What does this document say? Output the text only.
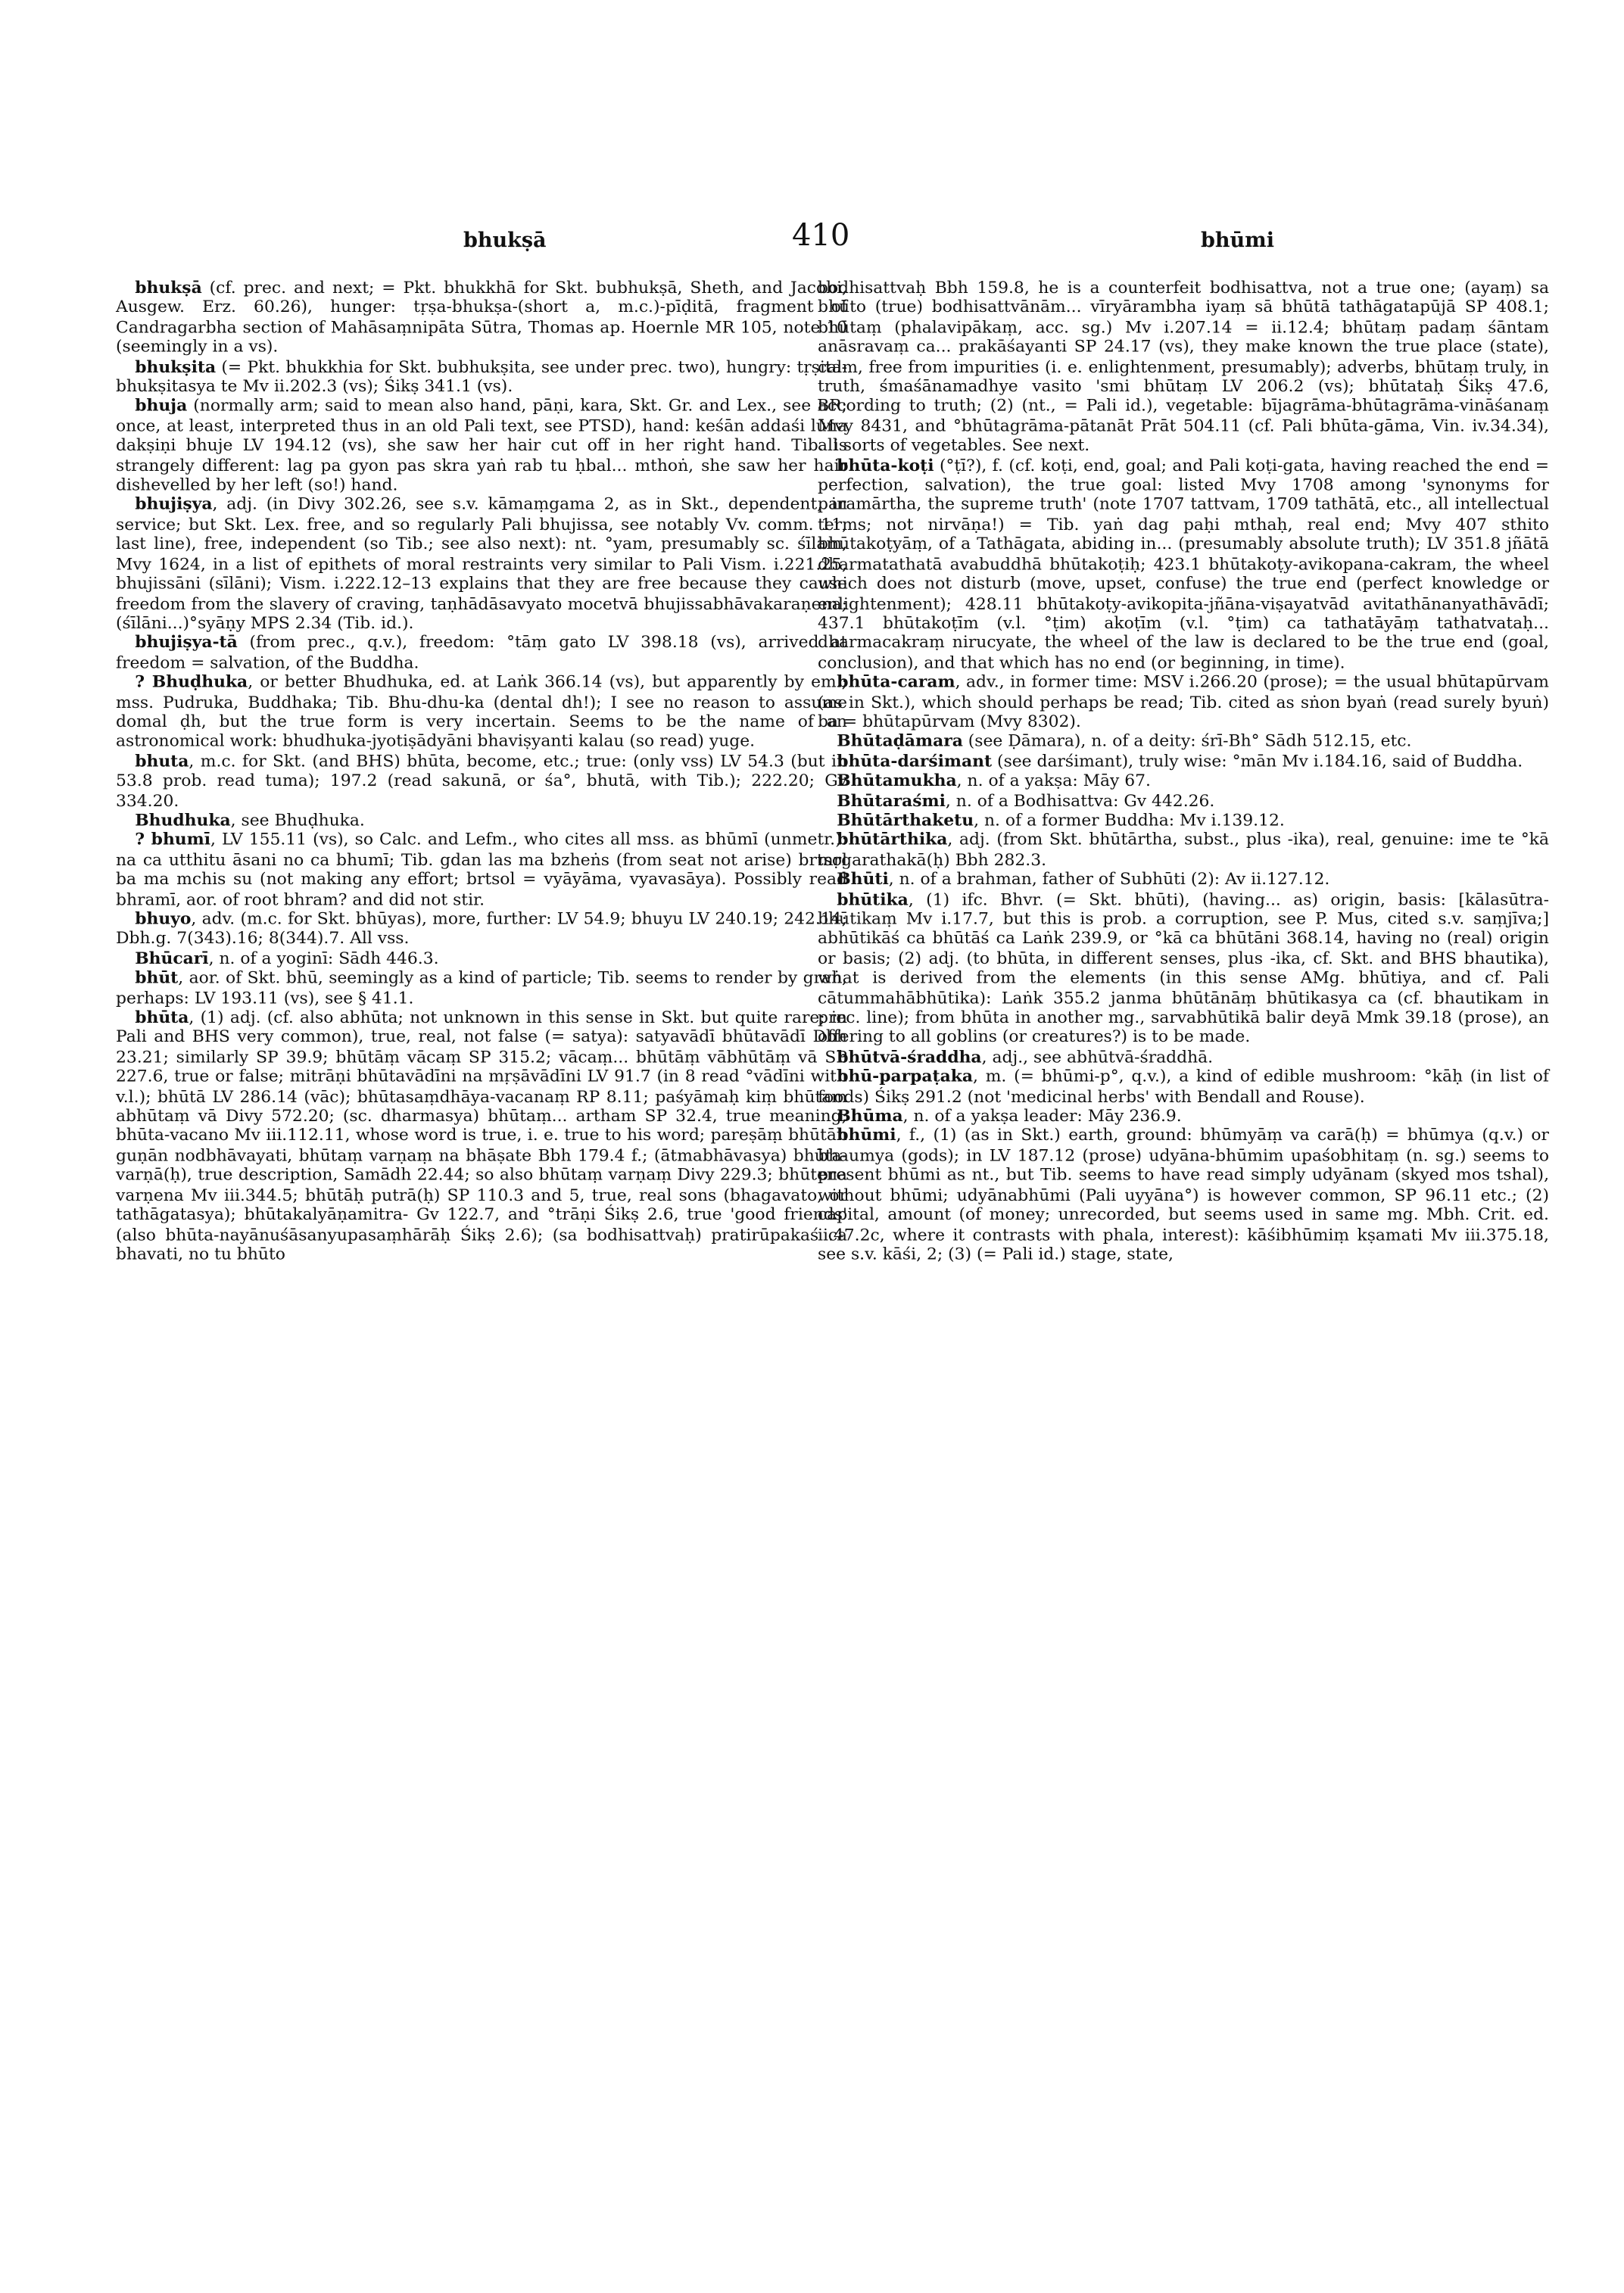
bhukṣā	410	bhūmi

bhukṣā (cf. prec. and next; = Pkt. bhukkhā for Skt. bubhukṣā, Sheth, and Jacobi, Ausgew. Erz. 60.26), hunger: tṛṣa-bhukṣa-(short a, m.c.)-pīḍitā, fragment of Candragarbha section of Mahāsaṃnipāta Sūtra, Thomas ap. Hoernle MR 105, note 10 (seemingly in a vs).

bhukṣita (= Pkt. bhukkhia for Skt. bubhukṣita, see under prec. two), hungry: tṛṣita-bhukṣitasya te Mv ii.202.3 (vs); Śikṣ 341.1 (vs).

bhuja (normally arm; said to mean also hand, pāṇi, kara, Skt. Gr. and Lex., see BR; once, at least, interpreted thus in an old Pali text, see PTSD), hand: keśān addaśi lūna dakṣiṇi bhuje LV 194.12 (vs), she saw her hair cut off in her right hand. Tib. is strangely different: lag pa gyon pas skra yaṅ rab tu ḥbal... mthoṅ, she saw her hair dishevelled by her left (so!) hand.

bhujiṣya, adj. (in Divy 302.26, see s.v. kāmaṃgama 2, as in Skt., dependent, in service; but Skt. Lex. free, and so regularly Pali bhujissa, see notably Vv. comm. 11, last line), free, independent (so Tib.; see also next): nt. °yam, presumably sc. śīlam, Mvy 1624, in a list of epithets of moral restraints very similar to Pali Vism. i.221.25, bhujissāni (sīlāni); Vism. i.222.12–13 explains that they are free because they cause freedom from the slavery of craving, taṇhādāsavyato mocetvā bhujissabhāvakaraṇena; (śīlāni...)°syāṇy MPS 2.34 (Tib. id.).

bhujiṣya-tā (from prec., q.v.), freedom: °tāṃ gato LV 398.18 (vs), arrived at freedom = salvation, of the Buddha.

? Bhuḍhuka, or better Bhudhuka, ed. at Laṅk 366.14 (vs), but apparently by em.; mss. Pudruka, Buddhaka; Tib. Bhu-dhu-ka (dental dh!); I see no reason to assume domal ḍh, but the true form is very incertain. Seems to be the name of an astronomical work: bhudhuka-jyotiṣādyāni bhaviṣyanti kalau (so read) yuge.

bhuta, m.c. for Skt. (and BHS) bhūta, become, etc.; true: (only vss) LV 54.3 (but in 53.8 prob. read tuma); 197.2 (read sakunā, or śa°, bhutā, with Tib.); 222.20; Gv 334.20.

Bhudhuka, see Bhuḍhuka.

? bhumī, LV 155.11 (vs), so Calc. and Lefm., who cites all mss. as bhūmī (unmetr.): na ca utthitu āsani no ca bhumī; Tib. gdan las ma bzheṅs (from seat not arise) brtsol ba ma mchis su (not making any effort; brtsol = vyāyāma, vyavasāya). Possibly read bhramī, aor. of root bhram? and did not stir.

bhuyo, adv. (m.c. for Skt. bhūyas), more, further: LV 54.9; bhuyu LV 240.19; 242.14; Dbh.g. 7(343).16; 8(344).7. All vss.

Bhūcarī, n. of a yoginī: Sādh 446.3.

bhūt, aor. of Skt. bhū, seemingly as a kind of particle; Tib. seems to render by graṅ, perhaps: LV 193.11 (vs), see § 41.1.

bhūta, (1) adj. (cf. also abhūta; not unknown in this sense in Skt. but quite rare; in Pali and BHS very common), true, real, not false (= satya): satyavādī bhūtavādī Dbh 23.21; similarly SP 39.9; bhūtāṃ vācaṃ SP 315.2; vācaṃ... bhūtāṃ vābhūtāṃ vā SP 227.6, true or false; mitrāṇi bhūtavādīni na mṛṣāvādīni LV 91.7 (in 8 read °vādīni with v.l.); bhūtā LV 286.14 (vāc); bhūtasaṃdhāya-vacanaṃ RP 8.11; paśyāmaḥ kiṃ bhūtam abhūtaṃ vā Divy 572.20; (sc. dharmasya) bhūtaṃ... artham SP 32.4, true meaning; bhūta-vacano Mv iii.112.11, whose word is true, i. e. true to his word; pareṣāṃ bhūtān guṇān nodbhāvayati, bhūtaṃ varṇaṃ na bhāṣate Bbh 179.4 f.; (ātmabhāvasya) bhūta-varṇā(ḥ), true description, Samādh 22.44; so also bhūtaṃ varṇaṃ Divy 229.3; bhūtena varṇena Mv iii.344.5; bhūtāḥ putrā(ḥ) SP 110.3 and 5, true, real sons (bhagavato, or tathāgatasya); bhūtakalyāṇamitra- Gv 122.7, and °trāṇi Śikṣ 2.6, true 'good friends' (also bhūta-nayānuśāsanyupasaṃhārāḥ Śikṣ 2.6); (sa bodhisattvaḥ) pratirūpakaś ca bhavati, no tu bhūto

bodhisattvaḥ Bbh 159.8, he is a counterfeit bodhisattva, not a true one; (ayaṃ) sa bhūto (true) bodhisattvānām... vīryārambha iyaṃ sā bhūtā tathāgatapūjā SP 408.1; bhūtaṃ (phalavipākaṃ, acc. sg.) Mv i.207.14 = ii.12.4; bhūtaṃ padaṃ śāntam anāsravaṃ ca... prakāśayanti SP 24.17 (vs), they make known the true place (state), calm, free from impurities (i. e. enlightenment, presumably); adverbs, bhūtaṃ truly, in truth, śmaśānamadhye vasito 'smi bhūtaṃ LV 206.2 (vs); bhūtataḥ Śikṣ 47.6, according to truth; (2) (nt., = Pali id.), vegetable: bījagrāma-bhūtagrāma-vināśanaṃ Mvy 8431, and °bhūtagrāma-pātanāt Prāt 504.11 (cf. Pali bhūta-gāma, Vin. iv.34.34), all sorts of vegetables. See next.

bhūta-koṭi (°ṭī?), f. (cf. koṭi, end, goal; and Pali koṭi-gata, having reached the end = perfection, salvation), the true goal: listed Mvy 1708 among 'synonyms for paramārtha, the supreme truth' (note 1707 tattvam, 1709 tathātā, etc., all intellectual terms; not nirvāṇa!) = Tib. yaṅ dag paḥi mthaḥ, real end; Mvy 407 sthito bhūtakoṭyāṃ, of a Tathāgata, abiding in... (presumably absolute truth); LV 351.8 jñātā dharmatathatā avabuddhā bhūtakoṭiḥ; 423.1 bhūtakoṭy-avikopana-cakram, the wheel which does not disturb (move, upset, confuse) the true end (perfect knowledge or enlightenment); 428.11 bhūtakoṭy-avikopita-jñāna-viṣayatvād avitathānanyathāvādī; 437.1 bhūtakoṭīm (v.l. °ṭim) akoṭīm (v.l. °ṭim) ca tathatāyāṃ tathatvataḥ... dharmacakraṃ nirucyate, the wheel of the law is declared to be the true end (goal, conclusion), and that which has no end (or beginning, in time).

bhūta-caram, adv., in former time: MSV i.266.20 (prose); = the usual bhūtapūrvam (as in Skt.), which should perhaps be read; Tib. cited as sṅon byaṅ (read surely byuṅ) ba = bhūtapūrvam (Mvy 8302).

Bhūtaḍāmara (see Ḍāmara), n. of a deity: śrī-Bh° Sādh 512.15, etc.

bhūta-darśimant (see darśimant), truly wise: °mān Mv i.184.16, said of Buddha.

Bhūtamukha, n. of a yakṣa: Māy 67.

Bhūtaraśmi, n. of a Bodhisattva: Gv 442.26.

Bhūtārthaketu, n. of a former Buddha: Mv i.139.12.

bhūtārthika, adj. (from Skt. bhūtārtha, subst., plus -ika), real, genuine: ime te °kā mṛgarathakā(ḥ) Bbh 282.3.

Bhūti, n. of a brahman, father of Subhūti (2): Av ii.127.12.

bhūtika, (1) ifc. Bhvr. (= Skt. bhūti), (having... as) origin, basis: [kālasūtra-bhūtikaṃ Mv i.17.7, but this is prob. a corruption, see P. Mus, cited s.v. saṃjīva;] abhūtikāś ca bhūtāś ca Laṅk 239.9, or °kā ca bhūtāni 368.14, having no (real) origin or basis; (2) adj. (to bhūta, in different senses, plus -ika, cf. Skt. and BHS bhautika), what is derived from the elements (in this sense AMg. bhūtiya, and cf. Pali cātummahābhūtika): Laṅk 355.2 janma bhūtānāṃ bhūtikasya ca (cf. bhautikam in prec. line); from bhūta in another mg., sarvabhūtikā balir deyā Mmk 39.18 (prose), an offering to all goblins (or creatures?) is to be made.

bhūtvā-śraddha, adj., see abhūtvā-śraddhā.

bhū-parpaṭaka, m. (= bhūmi-p°, q.v.), a kind of edible mushroom: °kāḥ (in list of foods) Śikṣ 291.2 (not 'medicinal herbs' with Bendall and Rouse).

Bhūma, n. of a yakṣa leader: Māy 236.9.

bhūmi, f., (1) (as in Skt.) earth, ground: bhūmyāṃ va carā(ḥ) = bhūmya (q.v.) or bhaumya (gods); in LV 187.12 (prose) udyāna-bhūmim upaśobhitaṃ (n. sg.) seems to present bhūmi as nt., but Tib. seems to have read simply udyānam (skyed mos tshal), without bhūmi; udyānabhūmi (Pali uyyāna°) is however common, SP 96.11 etc.; (2) capital, amount (of money; unrecorded, but seems used in same mg. Mbh. Crit. ed. ii.47.2c, where it contrasts with phala, interest): kāśibhūmiṃ kṣamati Mv iii.375.18, see s.v. kāśi, 2; (3) (= Pali id.) stage, state,
